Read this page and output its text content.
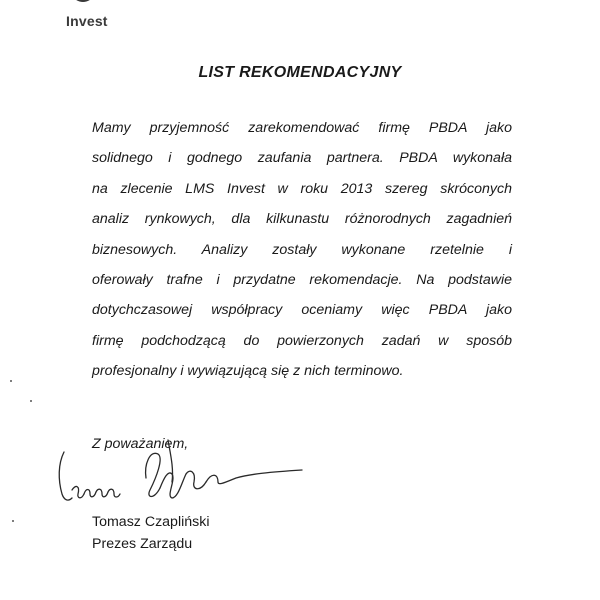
Invest
LIST REKOMENDACYJNY
Mamy przyjemność zarekomendować firmę PBDA jako
solidnego i godnego zaufania partnera. PBDA wykonała
na zlecenie LMS Invest w roku 2013 szereg skróconych
analiz rynkowych, dla kilkunastu różnorodnych zagadnień
biznesowych. Analizy zostały wykonane rzetelnie i
oferowały trafne i przydatne rekomendacje. Na podstawie
dotychczasowej współpracy oceniamy więc PBDA jako
firmę podchodzącą do powierzonych zadań w sposób
profesjonalny i wywiązującą się z nich terminowo.
Z poważaniem,
Tomasz Czapliński
Prezes Zarządu
